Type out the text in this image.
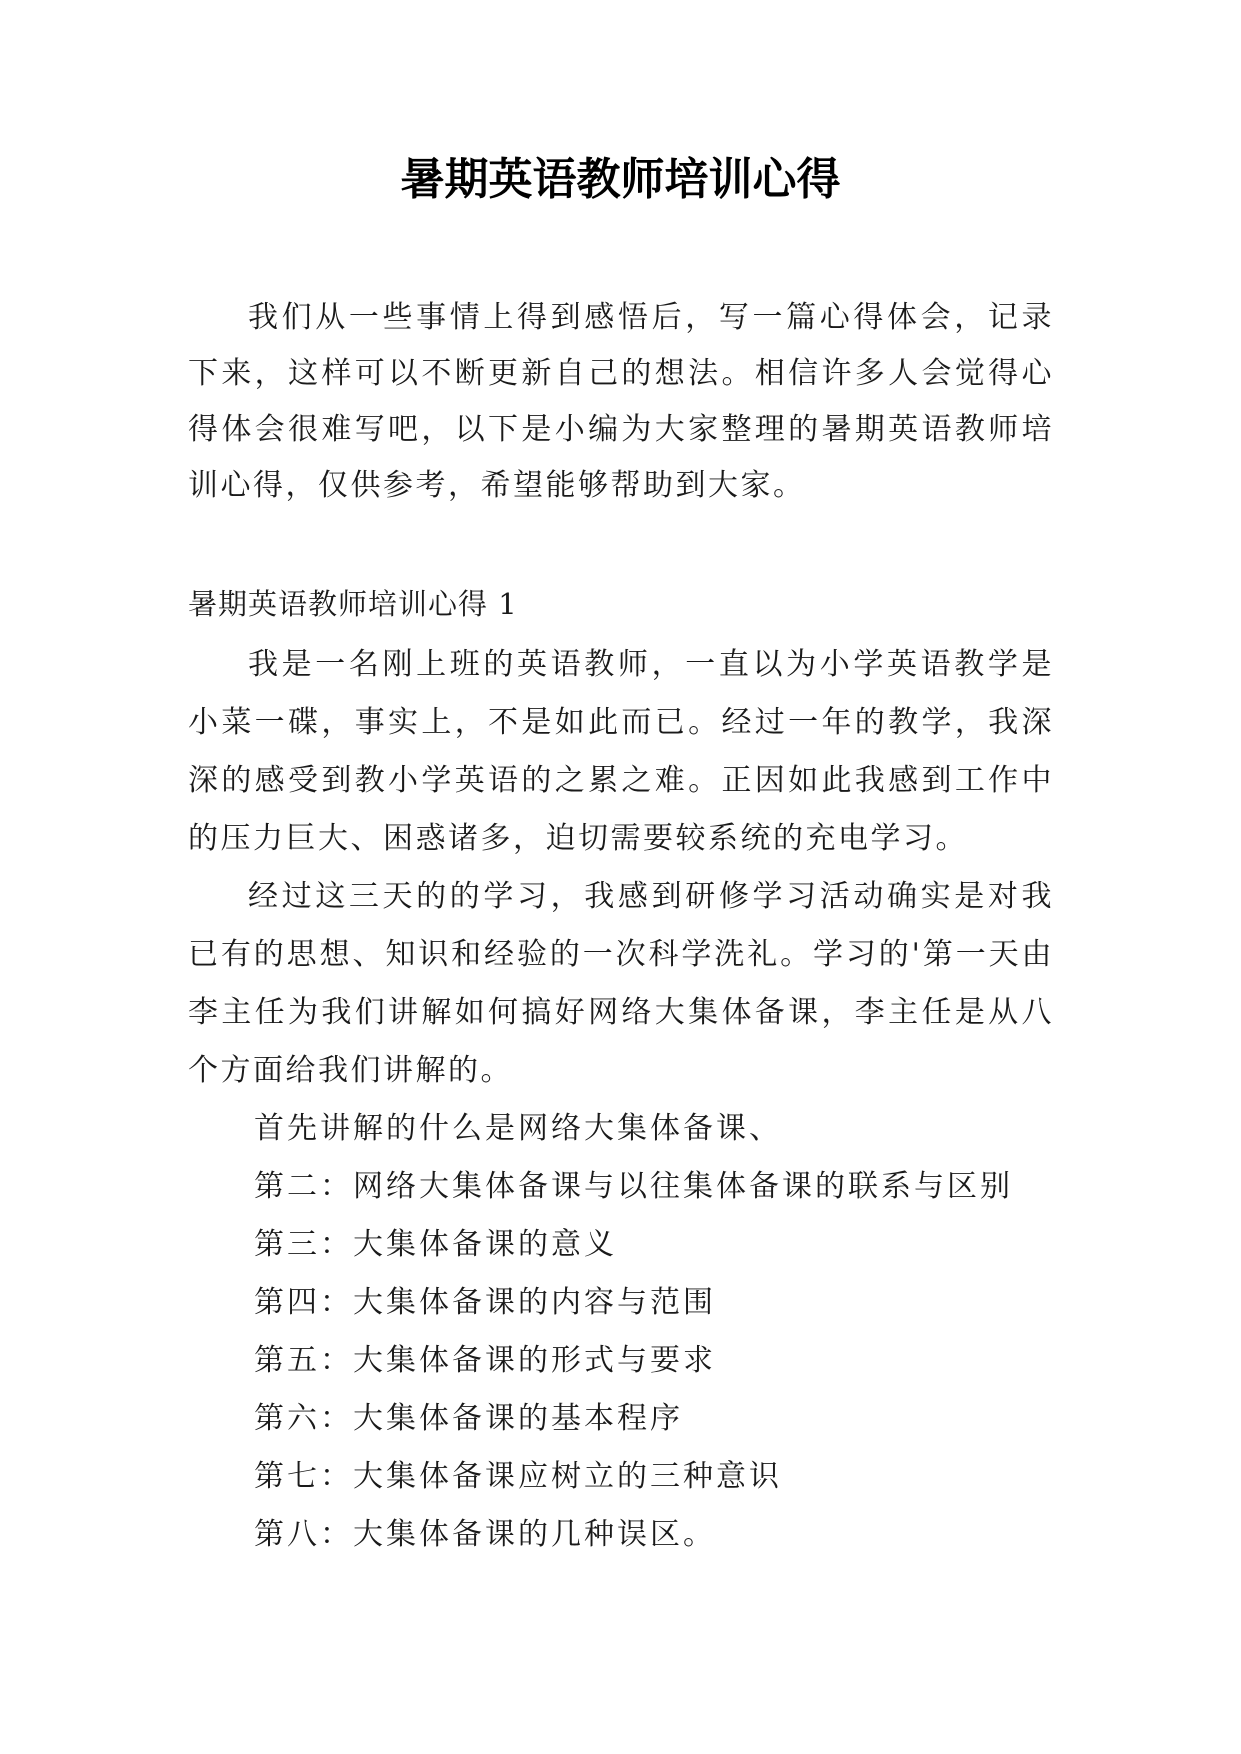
暑期英语教师培训心得

我们从一些事情上得到感悟后，写一篇心得体会，记录下来，这样可以不断更新自己的想法。相信许多人会觉得心得体会很难写吧，以下是小编为大家整理的暑期英语教师培训心得，仅供参考，希望能够帮助到大家。

暑期英语教师培训心得 1

我是一名刚上班的英语教师，一直以为小学英语教学是小菜一碟，事实上，不是如此而已。经过一年的教学，我深深的感受到教小学英语的之累之难。正因如此我感到工作中的压力巨大、困惑诸多，迫切需要较系统的充电学习。

经过这三天的的学习，我感到研修学习活动确实是对我已有的思想、知识和经验的一次科学洗礼。学习的'第一天由李主任为我们讲解如何搞好网络大集体备课，李主任是从八个方面给我们讲解的。

首先讲解的什么是网络大集体备课、

第二：网络大集体备课与以往集体备课的联系与区别

第三：大集体备课的意义

第四：大集体备课的内容与范围

第五：大集体备课的形式与要求

第六：大集体备课的基本程序

第七：大集体备课应树立的三种意识

第八：大集体备课的几种误区。
